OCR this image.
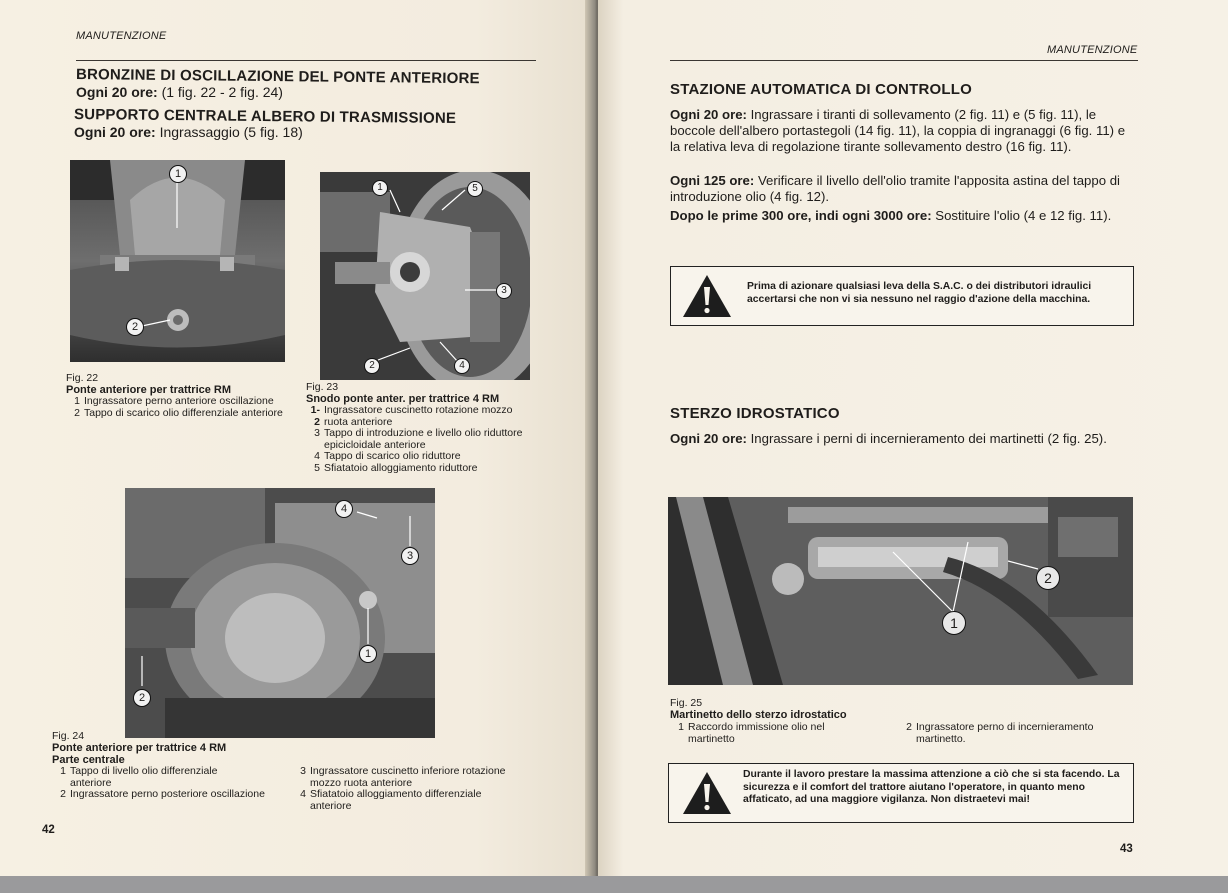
MANUTENZIONE
BRONZINE DI OSCILLAZIONE DEL PONTE ANTERIORE
Ogni 20 ore: (1 fig. 22 - 2 fig. 24)
SUPPORTO CENTRALE ALBERO DI TRASMISSIONE
Ogni 20 ore: Ingrassaggio (5 fig. 18)
1
2
1	5
3
2	4
Fig. 22
Ponte anteriore per trattrice RM
1 Ingrassatore perno anteriore oscillazione
2 Tappo di scarico olio differenziale anteriore
Fig. 23
Snodo ponte anter. per trattrice 4 RM
1-2
Ingrassatore cuscinetto rotazione mozzo ruota anteriore
3 Tappo di introduzione e livello olio riduttore epicicloidale anteriore
4 Tappo di scarico olio riduttore
5 Sfiatatoio alloggiamento riduttore
4
3
1
2
Fig. 24
Ponte anteriore per trattrice 4 RM
Parte centrale
1 Tappo di livello olio differenziale anteriore
2 Ingrassatore perno posteriore oscillazione
3 Ingrassatore cuscinetto inferiore rotazione mozzo ruota anteriore
4 Sfiatatoio alloggiamento differenziale anteriore
42
MANUTENZIONE
STAZIONE AUTOMATICA DI CONTROLLO
Ogni 20 ore: Ingrassare i tiranti di sollevamento (2 fig. 11) e (5 fig. 11), le boccole dell'albero portastegoli (14 fig. 11), la coppia di ingranaggi (6 fig. 11) e la relativa leva di regolazione tirante sollevamento destro (16 fig. 11).
Ogni 125 ore: Verificare il livello dell'olio tramite l'apposita astina del tappo di introduzione olio (4 fig. 12).
Dopo le prime 300 ore, indi ogni 3000 ore: Sostituire l'olio (4 e 12 fig. 11).
Prima di azionare qualsiasi leva della S.A.C. o dei distributori idraulici accertarsi che non vi sia nessuno nel raggio d'azione della macchina.
STERZO IDROSTATICO
Ogni 20 ore: Ingrassare i perni di incernieramento dei martinetti (2 fig. 25).
1
2
Fig. 25
Martinetto dello sterzo idrostatico
1 Raccordo immissione olio nel martinetto
2 Ingrassatore perno di incernieramento martinetto.
Durante il lavoro prestare la massima attenzione a ciò che si sta facendo. La sicurezza e il comfort del trattore aiutano l'operatore, in quanto meno affaticato, ad una maggiore vigilanza. Non distraetevi mai!
43
